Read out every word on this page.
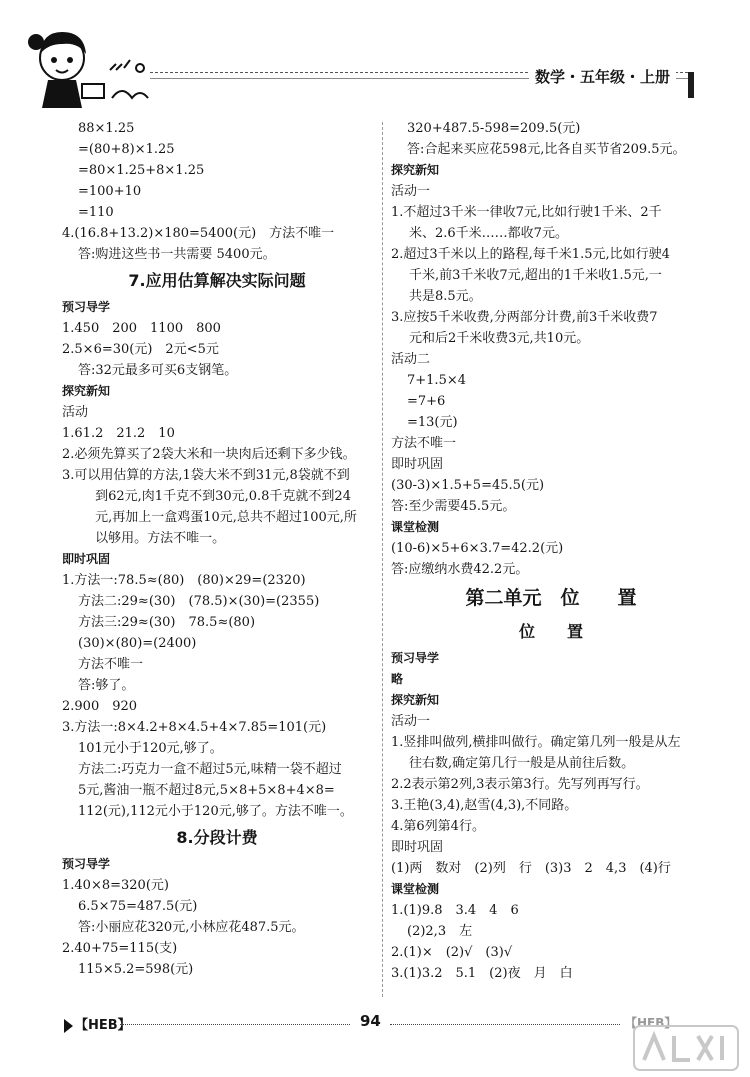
数学・五年级・上册
88×1.25
=(80+8)×1.25
=80×1.25+8×1.25
=100+10
=110
4.(16.8+13.2)×180=5400(元)　方法不唯一
答:购进这些书一共需要 5400元。
7.应用估算解决实际问题
预习导学
1.450　200　1100　800
2.5×6=30(元)　2元<5元
答:32元最多可买6支钢笔。
探究新知
活动
1.61.2　21.2　10
2.必须先算买了2袋大米和一块肉后还剩下多少钱。
3.可以用估算的方法,1袋大米不到31元,8袋就不到
　 到62元,肉1千克不到30元,0.8千克就不到24
　 元,再加上一盒鸡蛋10元,总共不超过100元,所
　 以够用。方法不唯一。
即时巩固
1.方法一:78.5≈(80)　(80)×29=(2320)
方法二:29≈(30)　(78.5)×(30)=(2355)
方法三:29≈(30)　78.5≈(80)
(30)×(80)=(2400)
方法不唯一
答:够了。
2.900　920
3.方法一:8×4.2+8×4.5+4×7.85=101(元)
101元小于120元,够了。
方法二:巧克力一盒不超过5元,味精一袋不超过
5元,酱油一瓶不超过8元,5×8+5×8+4×8=
112(元),112元小于120元,够了。方法不唯一。
8.分段计费
预习导学
1.40×8=320(元)
6.5×75=487.5(元)
答:小丽应花320元,小林应花487.5元。
2.40+75=115(支)
115×5.2=598(元)
320+487.5-598=209.5(元)
答:合起来买应花598元,比各自买节省209.5元。
探究新知
活动一
1.不超过3千米一律收7元,比如行驶1千米、2千
米、2.6千米……都收7元。
2.超过3千米以上的路程,每千米1.5元,比如行驶4
千米,前3千米收7元,超出的1千米收1.5元,一
共是8.5元。
3.应按5千米收费,分两部分计费,前3千米收费7
元和后2千米收费3元,共10元。
活动二
7+1.5×4
=7+6
=13(元)
方法不唯一
即时巩固
(30-3)×1.5+5=45.5(元)
答:至少需要45.5元。
课堂检测
(10-6)×5+6×3.7=42.2(元)
答:应缴纳水费42.2元。
第二单元　位　　置
位　　置
预习导学
略
探究新知
活动一
1.竖排叫做列,横排叫做行。确定第几列一般是从左
往右数,确定第几行一般是从前往后数。
2.2表示第2列,3表示第3行。先写列再写行。
3.王艳(3,4),赵雪(4,3),不同路。
4.第6列第4行。
即时巩固
(1)两　数对　(2)列　行　(3)3　2　4,3　(4)行
课堂检测
1.(1)9.8　3.4　4　6
(2)2,3　左
2.(1)×　(2)√　(3)√
3.(1)3.2　5.1　(2)夜　月　白
【HEB】	94	【HEB】
